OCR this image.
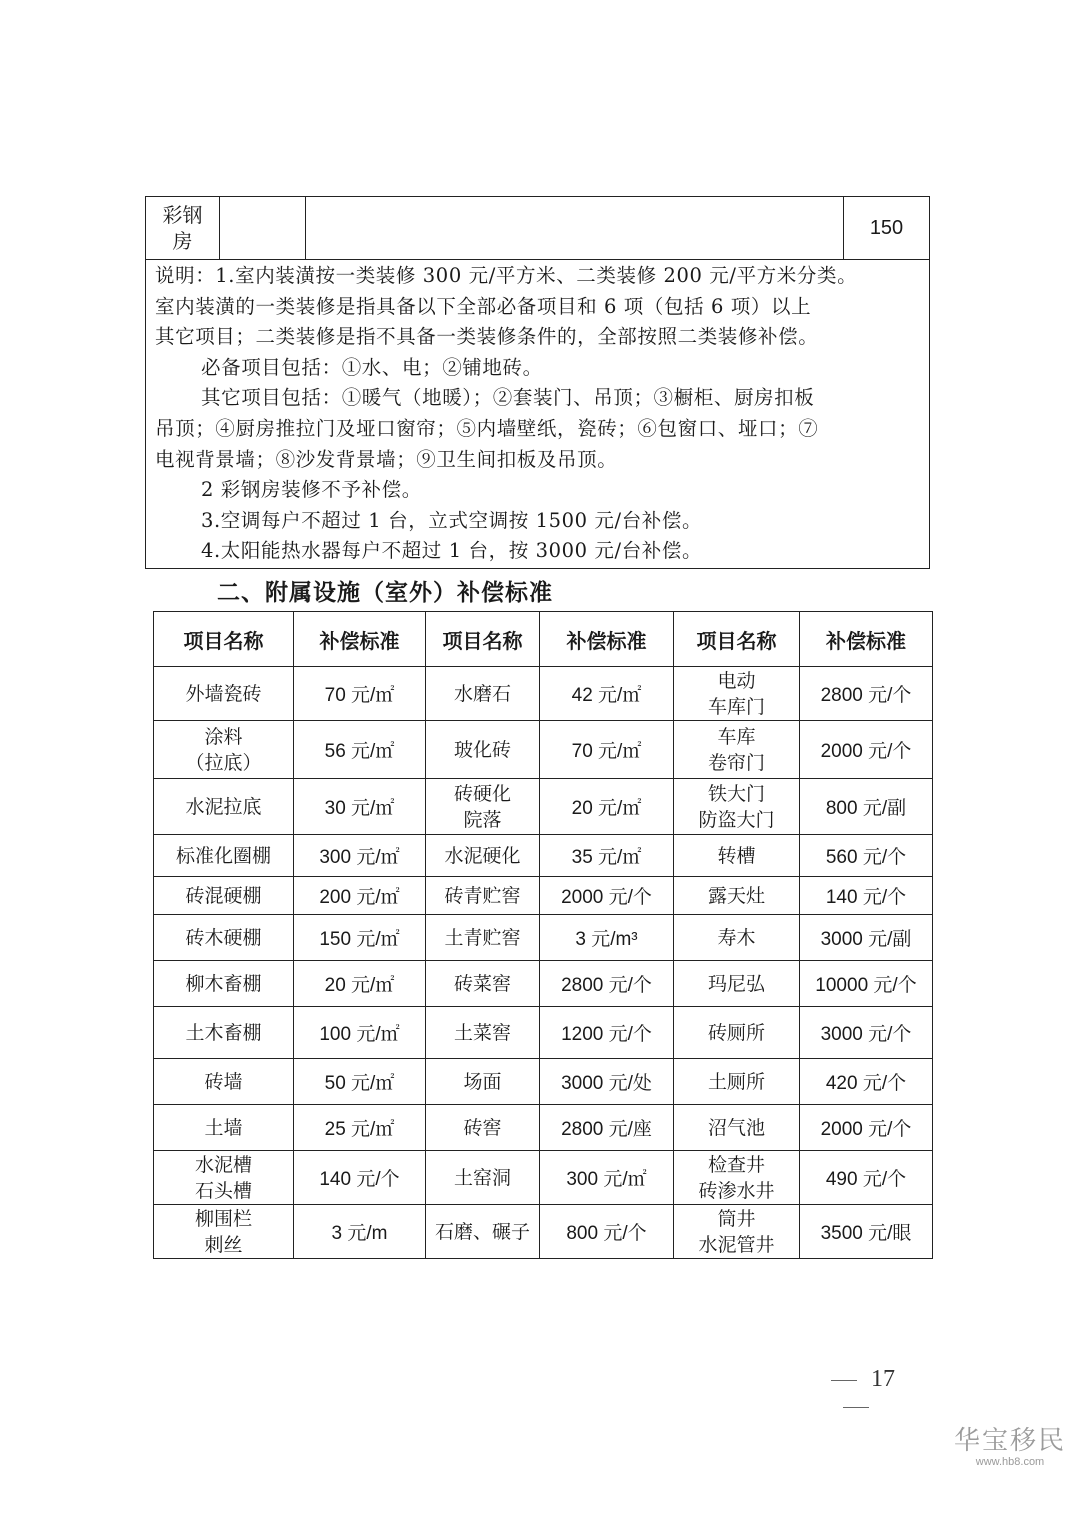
彩钢
房			150

说明：1.室内装潢按一类装修 300 元/平方米、二类装修 200 元/平方米分类。

室内装潢的一类装修是指具备以下全部必备项目和 6 项（包括 6 项）以上

其它项目；二类装修是指不具备一类装修条件的，全部按照二类装修补偿。

必备项目包括：①水、电；②铺地砖。

其它项目包括：①暖气（地暖）；②套装门、吊顶；③橱柜、厨房扣板

吊顶；④厨房推拉门及垭口窗帘；⑤内墙壁纸，瓷砖；⑥包窗口、垭口；⑦

电视背景墙；⑧沙发背景墙；⑨卫生间扣板及吊顶。

2 彩钢房装修不予补偿。

3.空调每户不超过 1 台，立式空调按 1500 元/台补偿。

4.太阳能热水器每户不超过 1 台，按 3000 元/台补偿。

二、附属设施（室外）补偿标准
项目名称	补偿标准	项目名称	补偿标准	项目名称	补偿标准
外墙瓷砖	70 元/㎡	水磨石	42 元/㎡	电动
车库门	2800 元/个
涂料
（拉底）	56 元/㎡	玻化砖	70 元/㎡	车库
卷帘门	2000 元/个
水泥拉底	30 元/㎡	砖硬化
院落	20 元/㎡	铁大门
防盗大门	800 元/副
标准化圈棚	300 元/㎡	水泥硬化	35 元/㎡	转槽	560 元/个
砖混硬棚	200 元/㎡	砖青贮窖	2000 元/个	露天灶	140 元/个
砖木硬棚	150 元/㎡	土青贮窖	3 元/m³	寿木	3000 元/副
柳木畜棚	20 元/㎡	砖菜窖	2800 元/个	玛尼弘	10000 元/个
土木畜棚	100 元/㎡	土菜窖	1200 元/个	砖厕所	3000 元/个
砖墙	50 元/㎡	场面	3000 元/处	土厕所	420 元/个
土墙	25 元/㎡	砖窖	2800 元/座	沼气池	2000 元/个
水泥槽
石头槽	140 元/个	土窑洞	300 元/㎡	检查井
砖渗水井	490 元/个
柳围栏
刺丝	3 元/m	石磨、碾子	800 元/个	筒井
水泥管井	3500 元/眼
17
华宝移民
www.hb8.com
